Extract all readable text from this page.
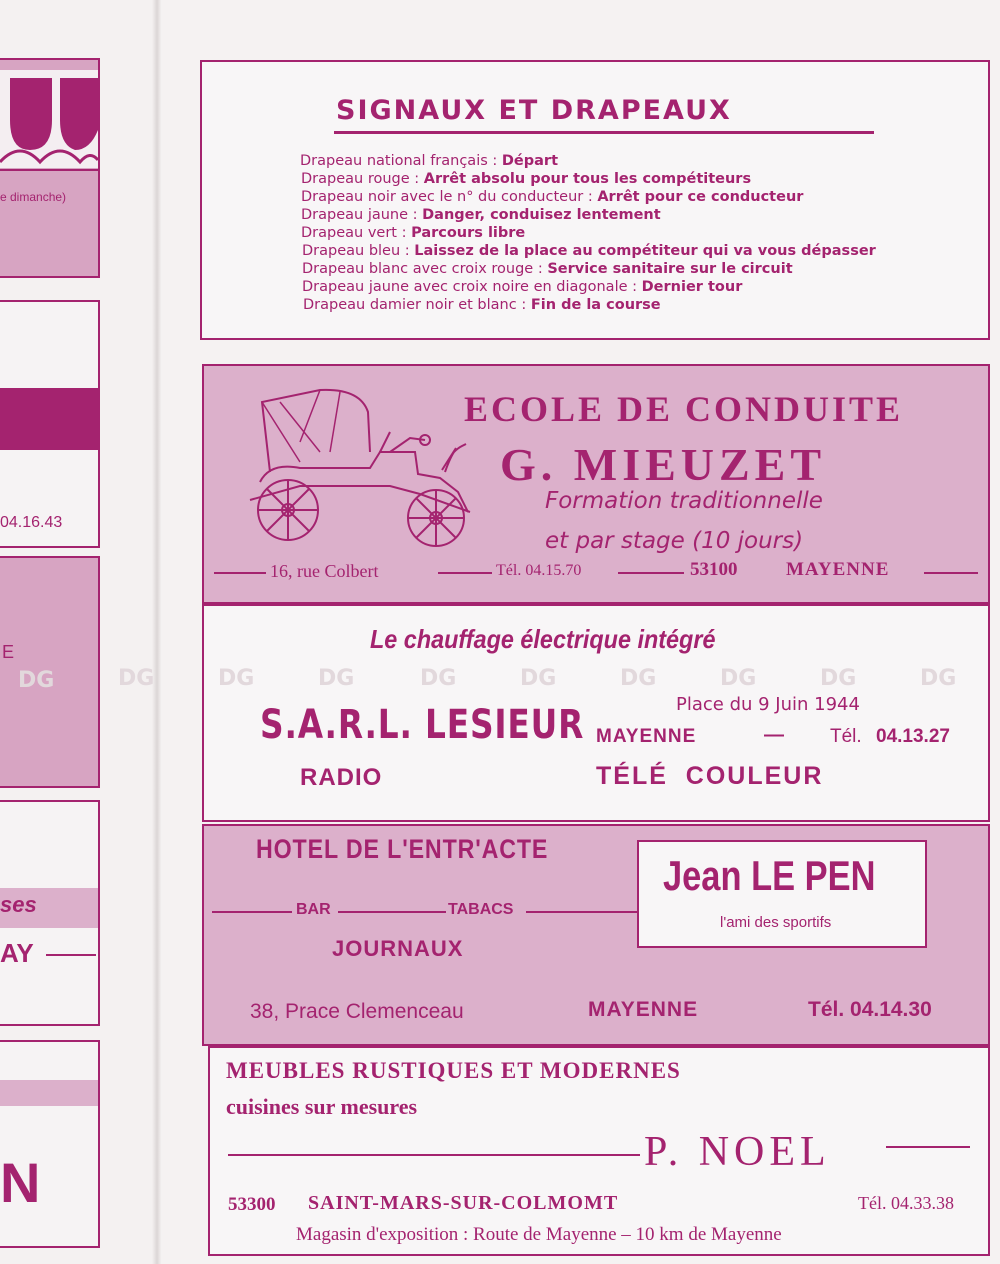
e dimanche)
04.16.43
E
DG
ses
AY
N
SIGNAUX ET DRAPEAUX
Drapeau national français : Départ
Drapeau rouge : Arrêt absolu pour tous les compétiteurs
Drapeau noir avec le n° du conducteur : Arrêt pour ce conducteur
Drapeau jaune : Danger, conduisez lentement
Drapeau vert : Parcours libre
Drapeau bleu : Laissez de la place au compétiteur qui va vous dépasser
Drapeau blanc avec croix rouge : Service sanitaire sur le circuit
Drapeau jaune avec croix noire en diagonale : Dernier tour
Drapeau damier noir et blanc : Fin de la course
ECOLE DE CONDUITE
G. MIEUZET
Formation traditionnelle
et par stage (10 jours)
16, rue Colbert	Tél. 04.15.70	53100	MAYENNE
DG	DG	DG	DG	DG	DG	DG	DG	DG
Le chauffage électrique intégré
S.A.R.L. LESIEUR	Place du 9 Juin 1944
MAYENNE	— Tél. 04.13.27
RADIO	TÉLÉ  COULEUR
HOTEL DE L'ENTR'ACTE
BAR	TABACS
JOURNAUX
Jean LE PEN
l'ami des sportifs
38, Prace Clemenceau	MAYENNE	Tél. 04.14.30
MEUBLES RUSTIQUES ET MODERNES
cuisines sur mesures
P. NOEL
53300 SAINT-MARS-SUR-COLMOMT	Tél. 04.33.38
Magasin d'exposition : Route de Mayenne – 10 km de Mayenne
